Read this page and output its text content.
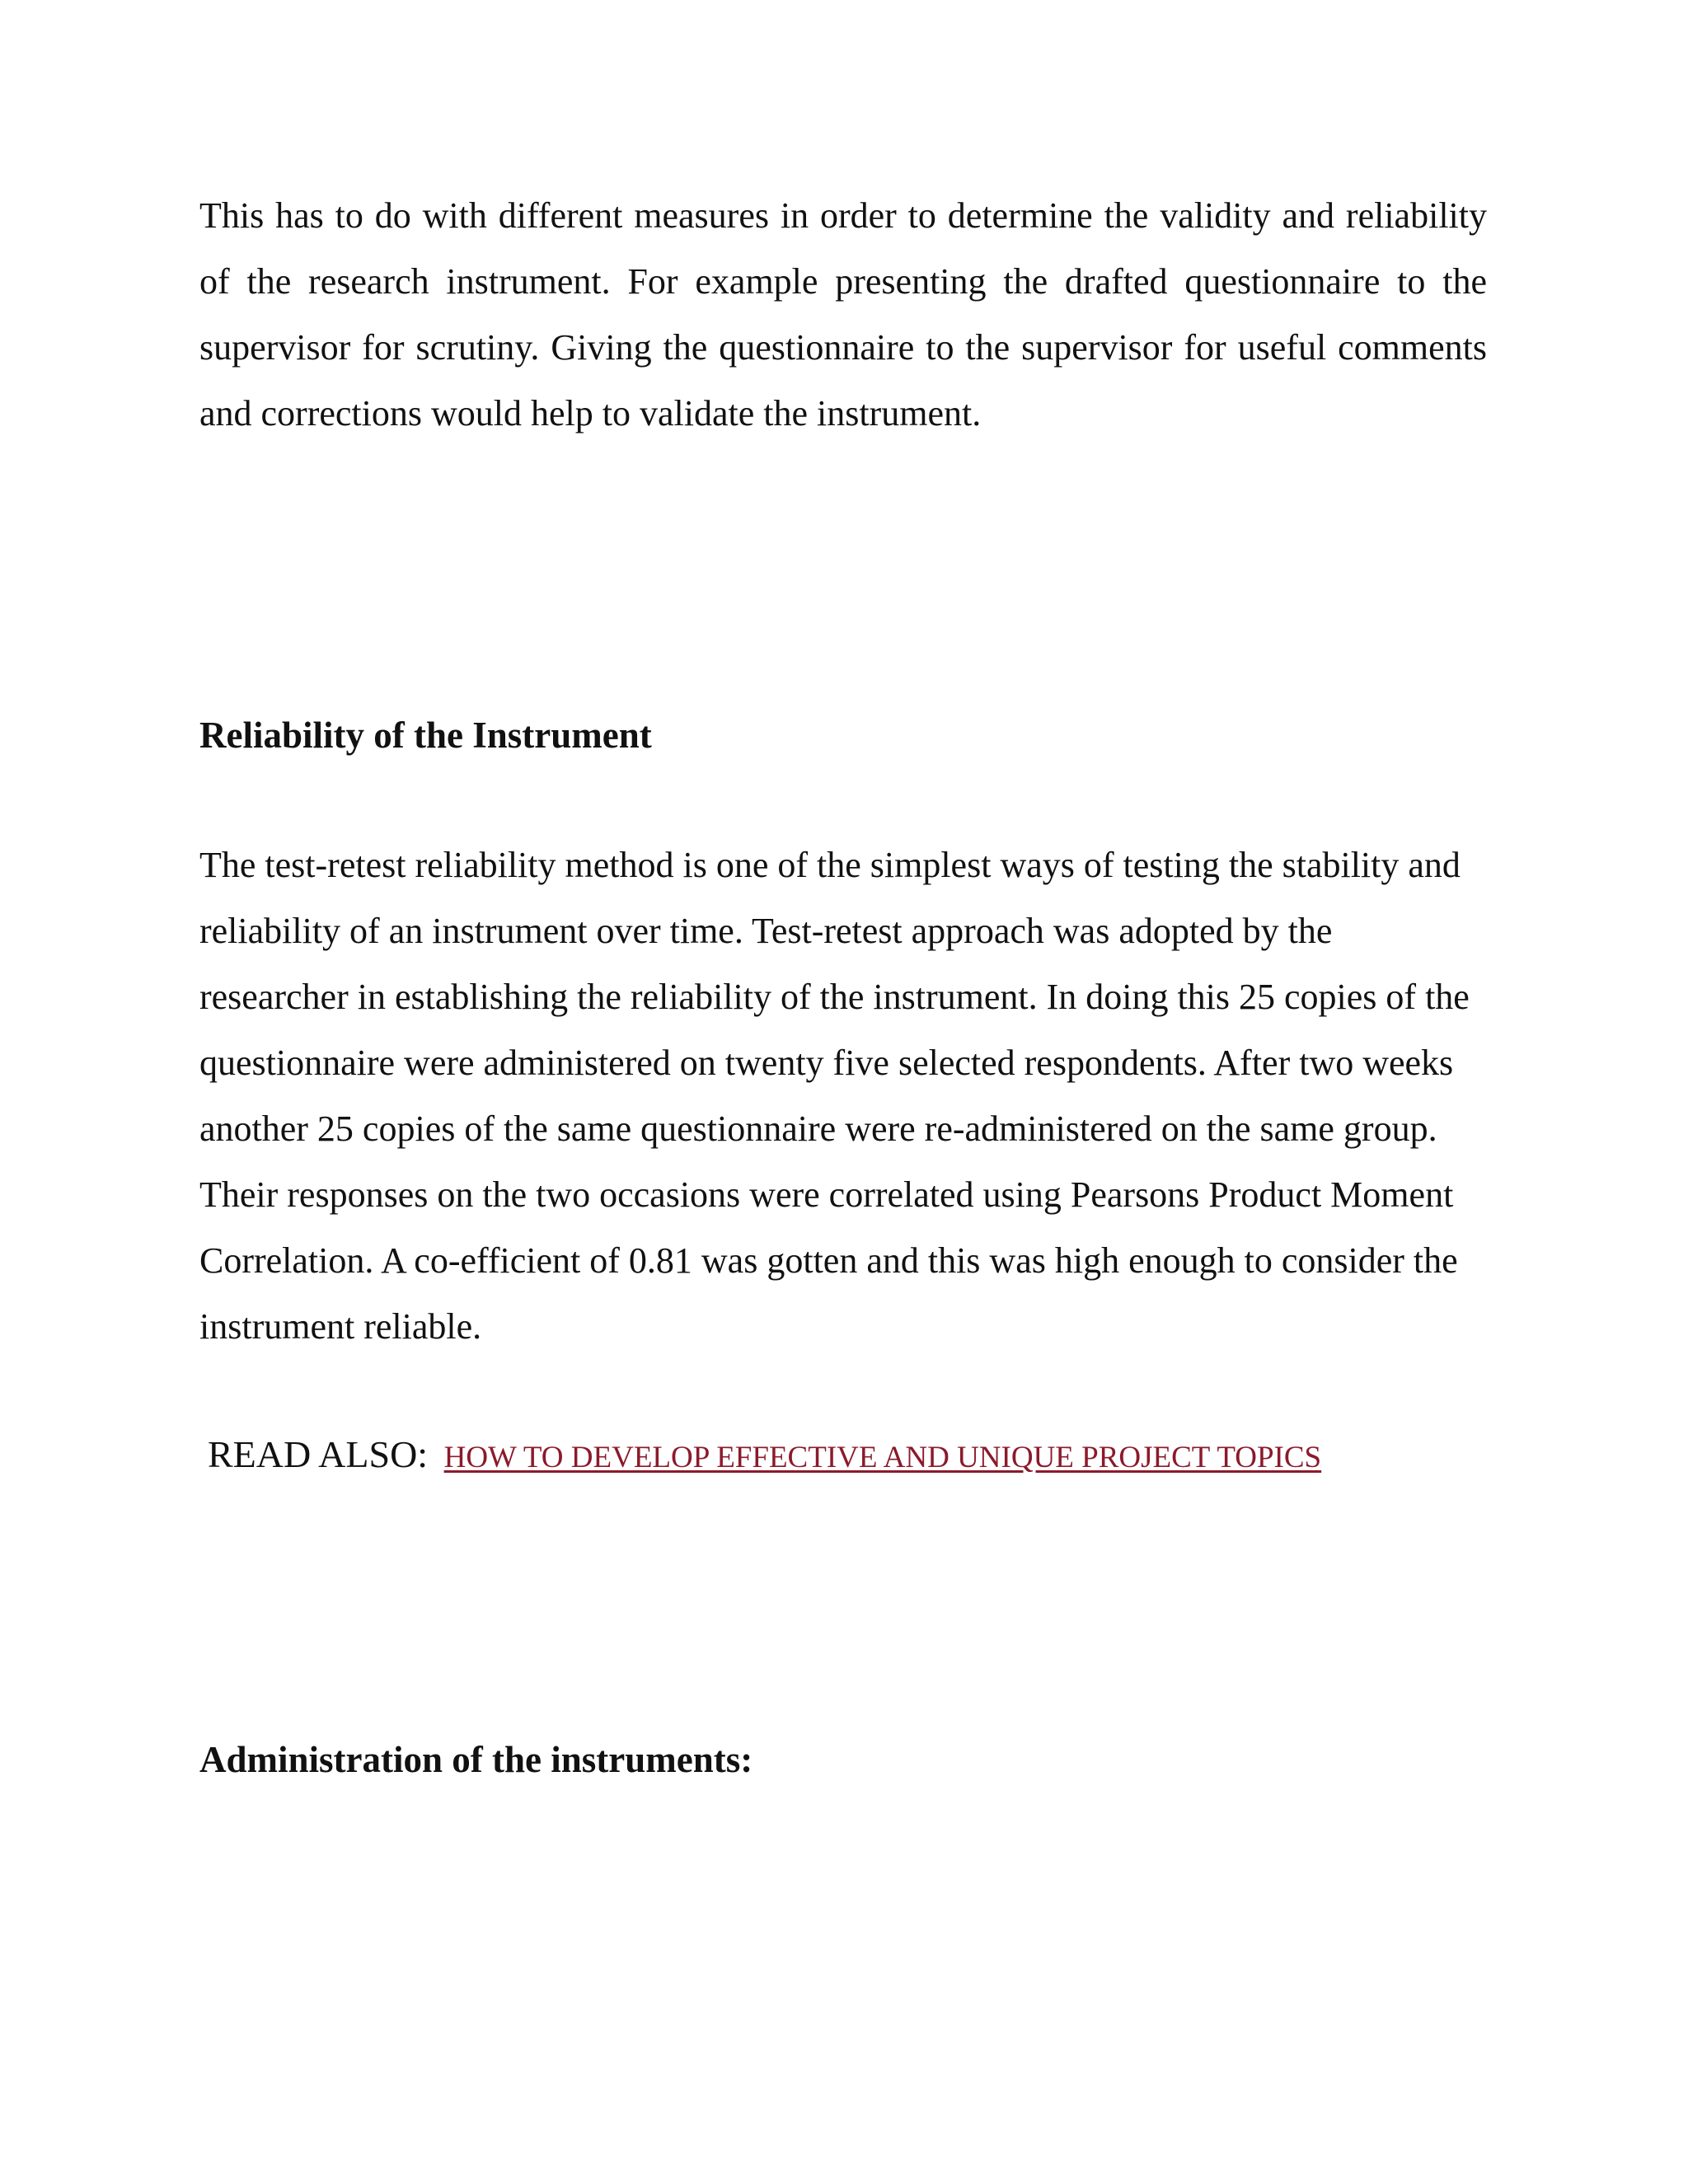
This has to do with different measures in order to determine the validity and reliability of the research instrument. For example presenting the drafted questionnaire to the supervisor for scrutiny. Giving the questionnaire to the supervisor for useful comments and corrections would help to validate the instrument.

Reliability of the Instrument

The test-retest reliability method is one of the simplest ways of testing the stability and reliability of an instrument over time. Test-retest approach was adopted by the researcher in establishing the reliability of the instrument. In doing this 25 copies of the questionnaire were administered on twenty five selected respondents. After two weeks another 25 copies of the same questionnaire were re-administered on the same group. Their responses on the two occasions were correlated using Pearsons Product Moment Correlation. A co-efficient of 0.81 was gotten and this was high enough to consider the instrument reliable.

READ ALSO: HOW TO DEVELOP EFFECTIVE AND UNIQUE PROJECT TOPICS
Administration of the instruments:
